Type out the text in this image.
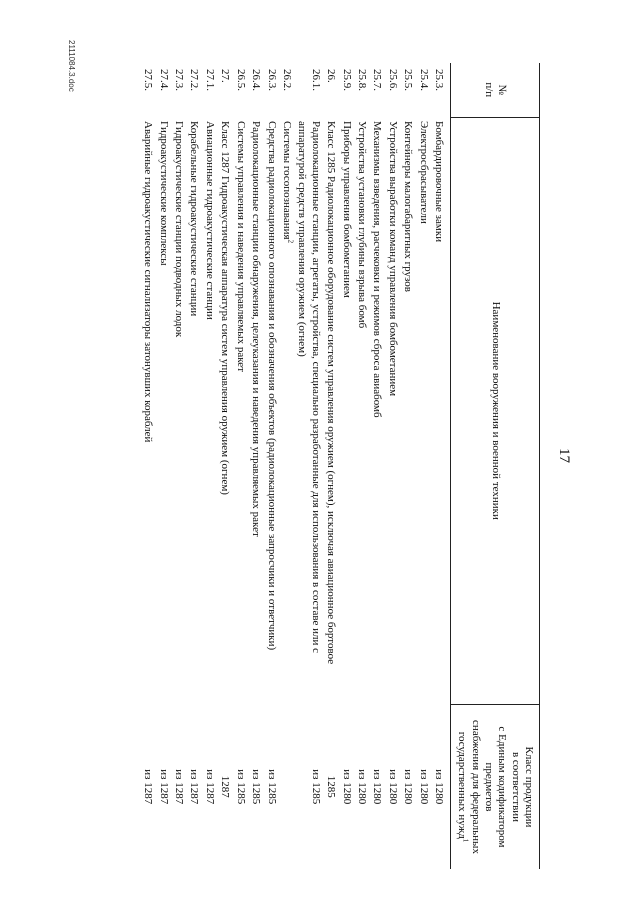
17
№
п/п	Наименование вооружения и военной техники	Класс продукции
в соответствии
с Единым кодификатором предметов
снабжения для федеральных
государственных нужд$^1$
25.3.	Бомбардировочные замки	из 1280
25.4.	Электросбрасыватели	из 1280
25.5.	Контейнеры малогабаритных грузов	из 1280
25.6.	Устройства выработки команд управления бомбометанием	из 1280
25.7.	Механизмы взведения, расчековки и режимов сброса авиабомб	из 1280
25.8.	Устройства установки глубины взрыва бомб	из 1280
25.9.	Приборы управления бомбометанием	из 1280
26.	Класс 1285 Радиолокационное оборудование систем управления оружием (огнем), исключая авиационное бортовое	1285
26.1.	Радиолокационные станции, агрегаты, устройства, специально разработанные для использования в составе или с аппаратурой средств управления оружием (огнем)	из 1285
26.2.	Системы госопознавания$^2$	
26.3.	Средства радиолокационного опознавания и обозначения объектов (радиолокационные запросчики и ответчики)	из 1285
26.4.	Радиолокационные станции обнаружения, целеуказания и наведения управляемых ракет	из 1285
26.5.	Системы управления и наведения управляемых ракет	из 1285
27.	Класс 1287 Гидроакустическая аппаратура систем управления оружием (огнем)	1287
27.1.	Авиационные гидроакустические станции	из 1287
27.2.	Корабельные гидроакустические станции	из 1287
27.3.	Гидроакустические станции подводных лодок	из 1287
27.4.	Гидроакустические комплексы	из 1287
27.5.	Аварийные гидроакустические сигнализаторы затонувших кораблей	из 1287
2111084.3.doc
